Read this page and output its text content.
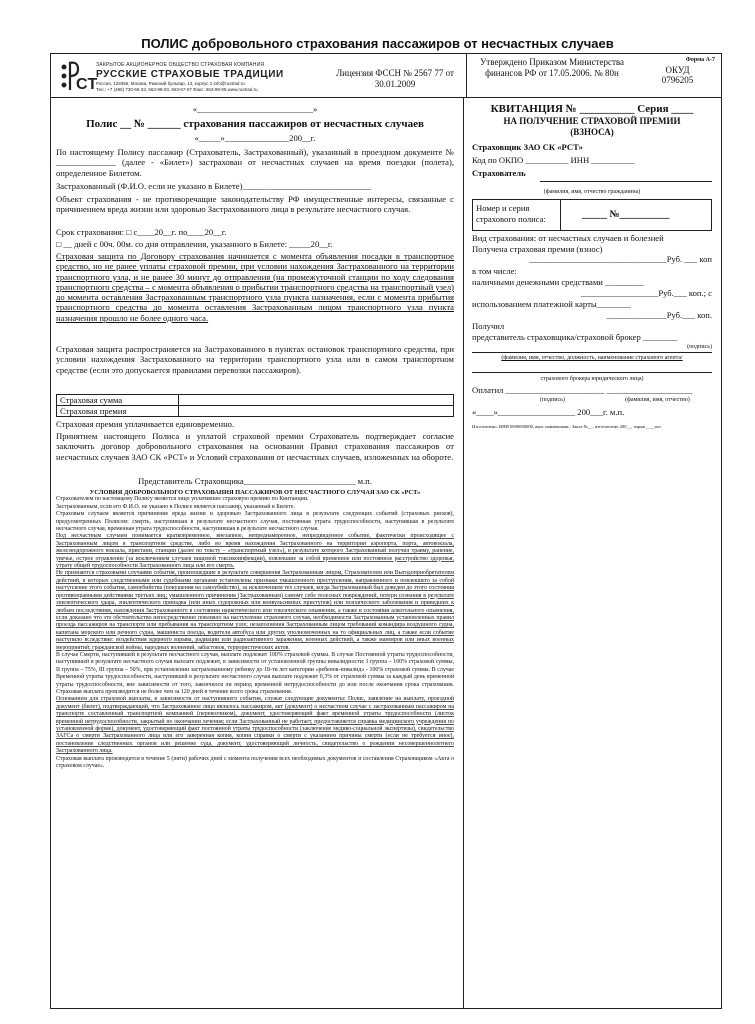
ПОЛИС добровольного страхования пассажиров от несчастных случаев
CT
ЗАКРЫТОЕ АКЦИОНЕРНОЕ ОБЩЕСТВО СТРАХОВАЯ КОМПАНИЯ
РУССКИЕ СТРАХОВЫЕ ТРАДИЦИИ
Россия, 129366, Москва, Рижский бульвар, 13, корпус 2 info@rustrad.ru
Тел.: +7 (495) 730-56-33, 663-98-03, 663-67-07 Факс: 663-98-05 www.rustrad.ru
Лицензия ФССН № 2567 77 от 30.01.2009
Утверждено Приказом Министерства финансов РФ от 17.05.2006. № 80н
Форма А-7
ОКУД
0796205
«___________________________»
Полис __ № ______ страхования пассажиров от несчастных случаев
«_____»_______________200__г.
По настоящему Полису пассажир (Страхователь, Застрахованный), указанный в проездном документе № ______________ (далее - «Билет») застрахован от несчастных случаев на время поездки (полета), определенное Билетом.
Застрахованный (Ф.И.О. если не указано в Билете)______________________________
Объект страхования - не противоречащие законодательству РФ имущественные интересы, связанные с причинением вреда жизни или здоровью Застрахованного лица в результате несчастного случая.
Срок страхования: □ с____20__г. по____20__г.
□ __ дней с 00ч. 00м. со дня отправления, указанного в Билете: _____20__г.
Страховая защита по Договору страхования начинается с момента объявления посадки в транспортное средство, но не ранее уплаты страховой премии, при условии нахождения Застрахованного на территории транспортного узла, и не ранее 30 минут до отправления (на промежуточной станции по ходу следования транспортного средства – с момента объявления о прибытии транспортного средства на транспортный узел) до момента оставления Застрахованным транспортного узла пункта назначения, если с момента прибытия транспортного средства до момента оставления Застрахованным лицом транспортного узла пункта назначения прошло не более одного часа.
Страховая защита распространяется на Застрахованного в пунктах остановок транспортного средства, при условии нахождения Застрахованного на территории транспортного узла или в самом транспортном средстве (если это допускается правилами перевозки пассажиров).
Страховая сумма	
Страховая премия	
Страховая премия уплачивается единовременно.
Принятием настоящего Полиса и уплатой страховой премии Страхователь подтверждает согласие заключить договор добровольного страхования на основании Правил страхования пассажиров от несчастных случаев ЗАО СК «РСТ» и Условий страхования от несчастных случаев, изложенных на обороте.
Представитель Страховщика__________________________ м.п.

УСЛОВИЯ ДОБРОВОЛЬНОГО СТРАХОВАНИЯ ПАССАЖИРОВ ОТ НЕСЧАСТНОГО СЛУЧАЯ ЗАО СК «РСТ»

Страхователем по настоящему Полису является лицо уплатившее страховую премию по Квитанции.

Застрахованным, если его Ф.И.О. не указано в Полисе является пассажир, указанный в Билете.

Страховым случаем является причинение вреда жизни и здоровью Застрахованного лица в результате следующих событий (страховых рисков), предусмотренных Полисом: смерть, наступившая в результате несчастного случая, постоянная утрата трудоспособности, наступившая в результате несчастного случая, временная утрата трудоспособности, наступившая в результате несчастного случая.

Под несчастным случаем понимается кратковременное, внезапное, непреднамеренное, непредвиденное событие, фактически происходящее с Застрахованным лицом в транспортном средстве, либо во время нахождения Застрахованного на территории аэропорта, порта, автовокзала, железнодорожного вокзала, пристани, станции (далее по тексту – «транспортный узел»), в результате которого Застрахованный получил травму, ранение, увечье, острое отравление (за исключением случаев пищевой токсикоинфекции), повлекшие за собой временное или постоянное расстройство здоровья, утрату общей трудоспособности Застрахованного лица или его смерть.

Не признаются страховыми случаями события, произошедшие в результате совершения Застрахованным лицом, Страхователем или Выгодоприобретателем действий, в которых следственными или судебными органами установлены признаки умышленного преступления, направленного и повлекшего за собой наступление этого события, самоубийства (покушения на самоубийство), за исключением тех случаев, когда Застрахованный был доведен до этого состояния противоправными действиями третьих лиц; умышленного причинения (Застрахованным) самому себе телесных повреждений, потери сознания в результате эпилептического удара, эпилептического припадка (или иных судорожных или конвульсивных приступов) или психического заболевания и приведших к любым последствиям, нахождения Застрахованного в состоянии наркотического или токсического опьянения, а также в состоянии алкогольного опьянения, если доказано что это обстоятельство непосредственно повлияло на наступление страхового случая, необходимости Застрахованным установленных правил проезда пассажиров на транспорте или пребывания на транспортном узле; незаполнения Застрахованным лицом требований командира воздушного судна, капитана морского или речного судна, машиниста поезда, водителя автобуса или других уполномоченных на то официальных лиц, а также если событие наступило вследствие: воздействия ядерного взрыва, радиации или радиоактивного заражения, военных действий, а также маневров или иных военных мероприятий; гражданской войны, народных волнений, забастовок, террористических актов.

В случае Смерти, наступившей в результате несчастного случая, выплате подлежит 100% страховой суммы. В случае Постоянной утраты трудоспособности, наступившей в результате несчастного случая выплате подлежит, в зависимости от установленной группы инвалидности: I группа – 100% страховой суммы, II группа – 75%, III группа – 50%, при установлении застрахованному ребенку до 18-ти лет категории «ребенок-инвалид» - 100% страховой суммы. В случае Временной утраты трудоспособности, наступившей в результате несчастного случая выплате подлежит 0,3% от страховой суммы за каждый день временной утраты трудоспособности, вне зависимости от того, закончился ли период временной нетрудоспособности до или после окончания срока страхования. Страховая выплата производится не более чем за 120 дней в течение всего срока страхования.

Основанием для страховой выплаты, в зависимости от наступившего события, служат следующие документы: Полис, заявление на выплату, проездной документ (билет), подтверждающий, что Застрахованное лицо являлось пассажиром, акт (документ) о несчастном случае с застрахованным пассажиром на транспорте составленный транспортной компанией (перевозчиком), документ, удостоверяющий факт временной утраты трудоспособности (листок временной нетрудоспособности, закрытый по окончании лечения; если Застрахованный не работает, предоставляется справка медицинского учреждения по установленной форме), документ, удостоверяющий факт постоянной утраты трудоспособности (заключение медико-социальной экспертизы), свидетельство ЗАГСа о смерти Застрахованного лица или его заверенная копия, копия справки о смерти с указанием причины смерти (если не требуется иное), постановление следственных органов или решение суда, документ, удостоверяющий личность, свидетельство о рождении несовершеннолетнего Застрахованного лица.

Страховая выплата производится в течение 5 (пяти) рабочих дней с момента получения всех необходимых документов и составления Страховщиком «Акта о страховом случае».

КВИТАНЦИЯ № __________ Серия ____
НА ПОЛУЧЕНИЕ СТРАХОВОЙ ПРЕМИИ
(ВЗНОСА)
Страховщик ЗАО СК «РСТ»
Код по ОКПО __________ ИНН __________
Страхователь
(фамилия, имя, отчество гражданина)
Номер и серия
страхового полиса:	_____ №__________
Вид страхования: от несчастных случаев и болезней
Получена страховая премия (взнос)
________________________________Руб. ___ коп
в том числе:
наличными денежными средствами _________
__________________Руб.___ коп.; с
использованием платежной карты________
______________Руб.___ коп.
Получил
представитель страховщика/страховой брокер ________
(подпись)
(фамилия, имя, отчество, должность, наименование страхового агента/
страхового брокера юридического лица)
Оплатил _______________________ ____________________
(подпись)	(фамилия, имя, отчество)
«____»__________________ 200___г. м.п.
Изготовлено, ИНН 0000000000, вып. наименован., Заказ №__, изготовлено 200__, тираж____экз.
